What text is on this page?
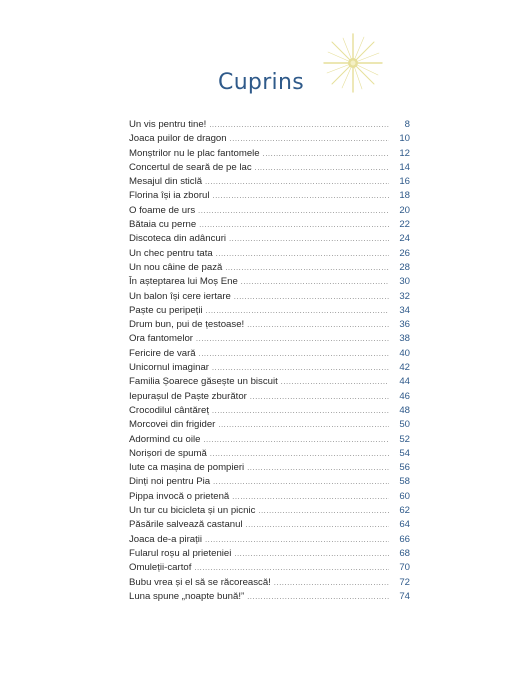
Cuprins
Un vis pentru tine! . . .	8
Joaca puilor de dragon . . .	10
Monștrilor nu le plac fantomele . . .	12
Concertul de seară de pe lac . . .	14
Mesajul din sticlă . . .	16
Florina își ia zborul . . .	18
O foame de urs . . .	20
Bătaia cu perne . . .	22
Discoteca din adâncuri . . .	24
Un chec pentru tata . . .	26
Un nou câine de pază . . .	28
În așteptarea lui Moș Ene . . .	30
Un balon își cere iertare . . .	32
Paște cu peripeții . . .	34
Drum bun, pui de țestoase! . . .	36
Ora fantomelor . . .	38
Fericire de vară . . .	40
Unicornul imaginar . . .	42
Familia Șoarece găsește un biscuit . . .	44
Iepurașul de Paște zburător . . .	46
Crocodilul cântăreț . . .	48
Morcovei din frigider . . .	50
Adormind cu oile . . .	52
Norișori de spumă . . .	54
Iute ca mașina de pompieri . . .	56
Dinți noi pentru Pia . . .	58
Pippa invocă o prietenă . . .	60
Un tur cu bicicleta și un picnic . . .	62
Păsările salvează castanul . . .	64
Joaca de-a pirații . . .	66
Fularul roșu al prieteniei . . .	68
Omuleții-cartof . . .	70
Bubu vrea și el să se răcorească! . . .	72
Luna spune „noapte bună!” . . .	74
